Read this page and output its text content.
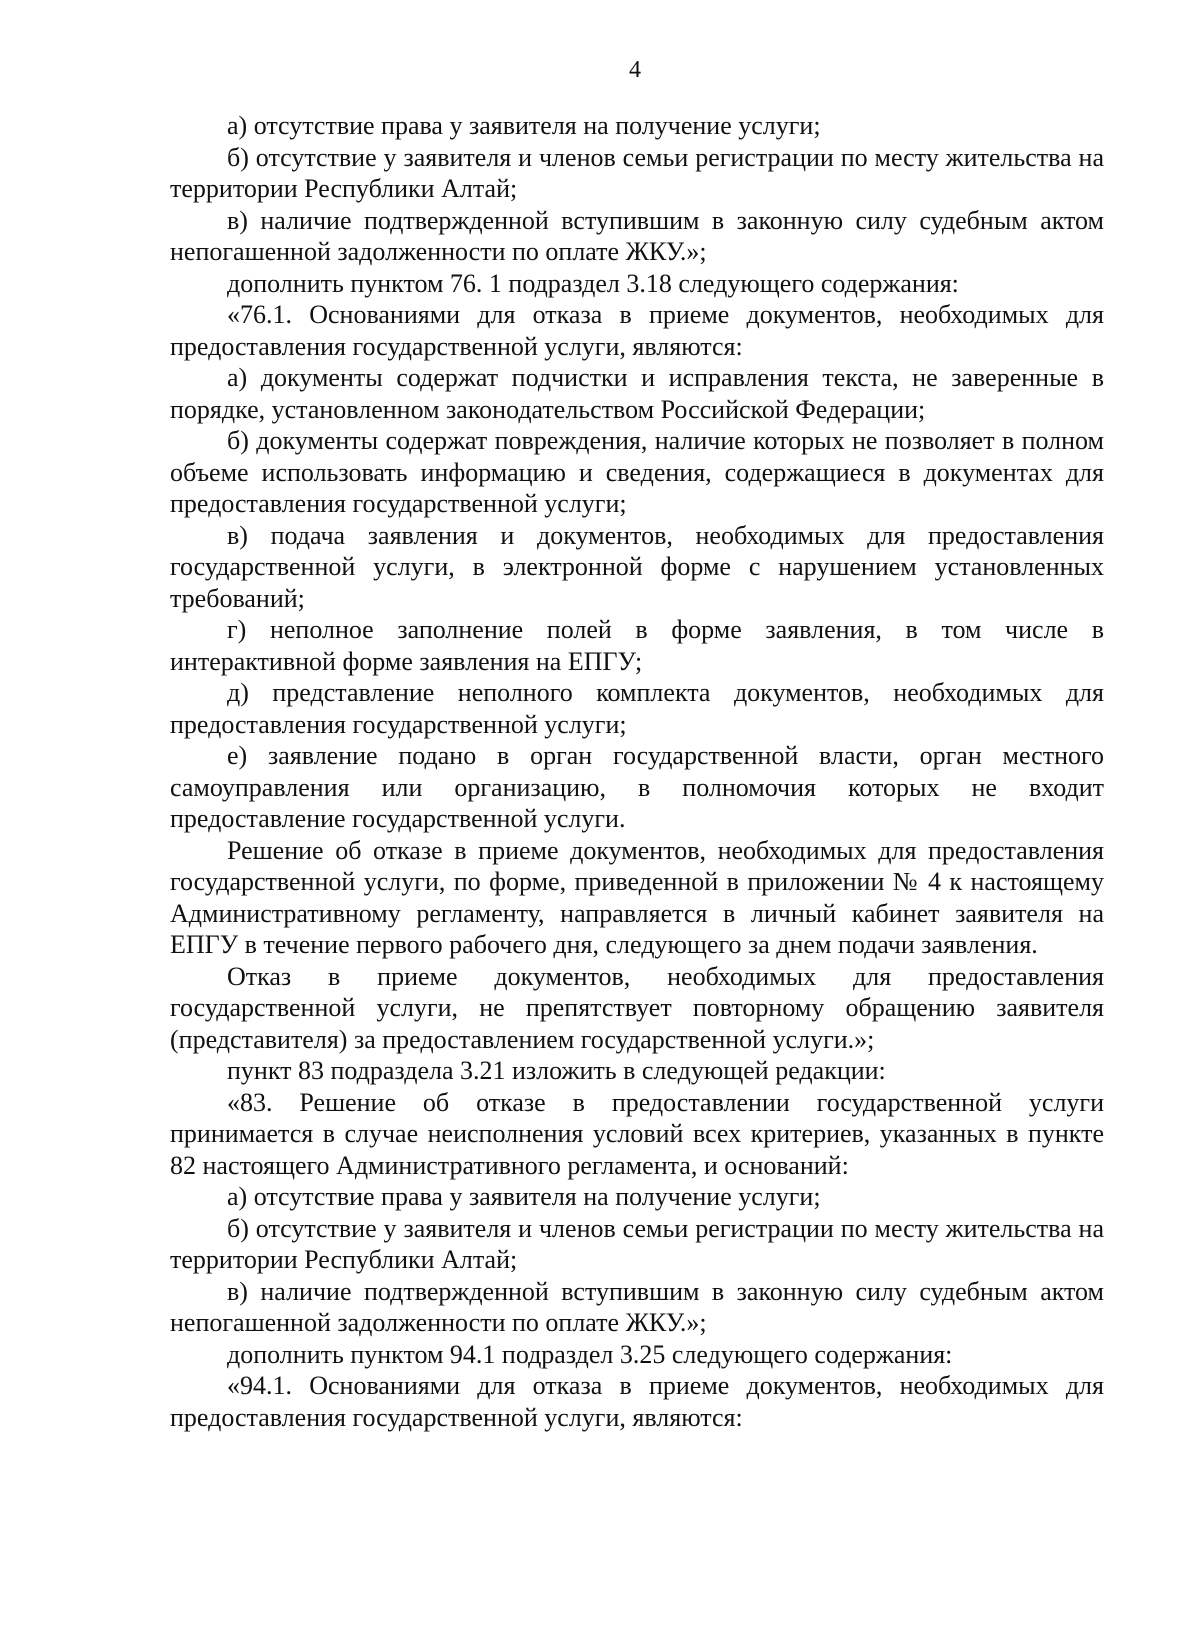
4

а) отсутствие права у заявителя на получение услуги;

б) отсутствие у заявителя и членов семьи регистрации по месту жительства на территории Республики Алтай;

в) наличие подтвержденной вступившим в законную силу судебным актом непогашенной задолженности по оплате ЖКУ.»;

дополнить пунктом 76. 1 подраздел 3.18 следующего содержания:

«76.1. Основаниями для отказа в приеме документов, необходимых для предоставления государственной услуги, являются:

а) документы содержат подчистки и исправления текста, не заверенные в порядке, установленном законодательством Российской Федерации;

б) документы содержат повреждения, наличие которых не позволяет в полном объеме использовать информацию и сведения, содержащиеся в документах для предоставления государственной услуги;

в) подача заявления и документов, необходимых для предоставления государственной услуги, в электронной форме с нарушением установленных требований;

г) неполное заполнение полей в форме заявления, в том числе в интерактивной форме заявления на ЕПГУ;

д) представление неполного комплекта документов, необходимых для предоставления государственной услуги;

е) заявление подано в орган государственной власти, орган местного самоуправления или организацию, в полномочия которых не входит предоставление государственной услуги.

Решение об отказе в приеме документов, необходимых для предоставления государственной услуги, по форме, приведенной в приложении № 4 к настоящему Административному регламенту, направляется в личный кабинет заявителя на ЕПГУ в течение первого рабочего дня, следующего за днем подачи заявления.

Отказ в приеме документов, необходимых для предоставления государственной услуги, не препятствует повторному обращению заявителя (представителя) за предоставлением государственной услуги.»;

пункт 83 подраздела 3.21 изложить в следующей редакции:

«83. Решение об отказе в предоставлении государственной услуги принимается в случае неисполнения условий всех критериев, указанных в пункте 82 настоящего Административного регламента, и оснований:

а) отсутствие права у заявителя на получение услуги;

б) отсутствие у заявителя и членов семьи регистрации по месту жительства на территории Республики Алтай;

в) наличие подтвержденной вступившим в законную силу судебным актом непогашенной задолженности по оплате ЖКУ.»;

дополнить пунктом 94.1 подраздел 3.25 следующего содержания:

«94.1. Основаниями для отказа в приеме документов, необходимых для предоставления государственной услуги, являются:
